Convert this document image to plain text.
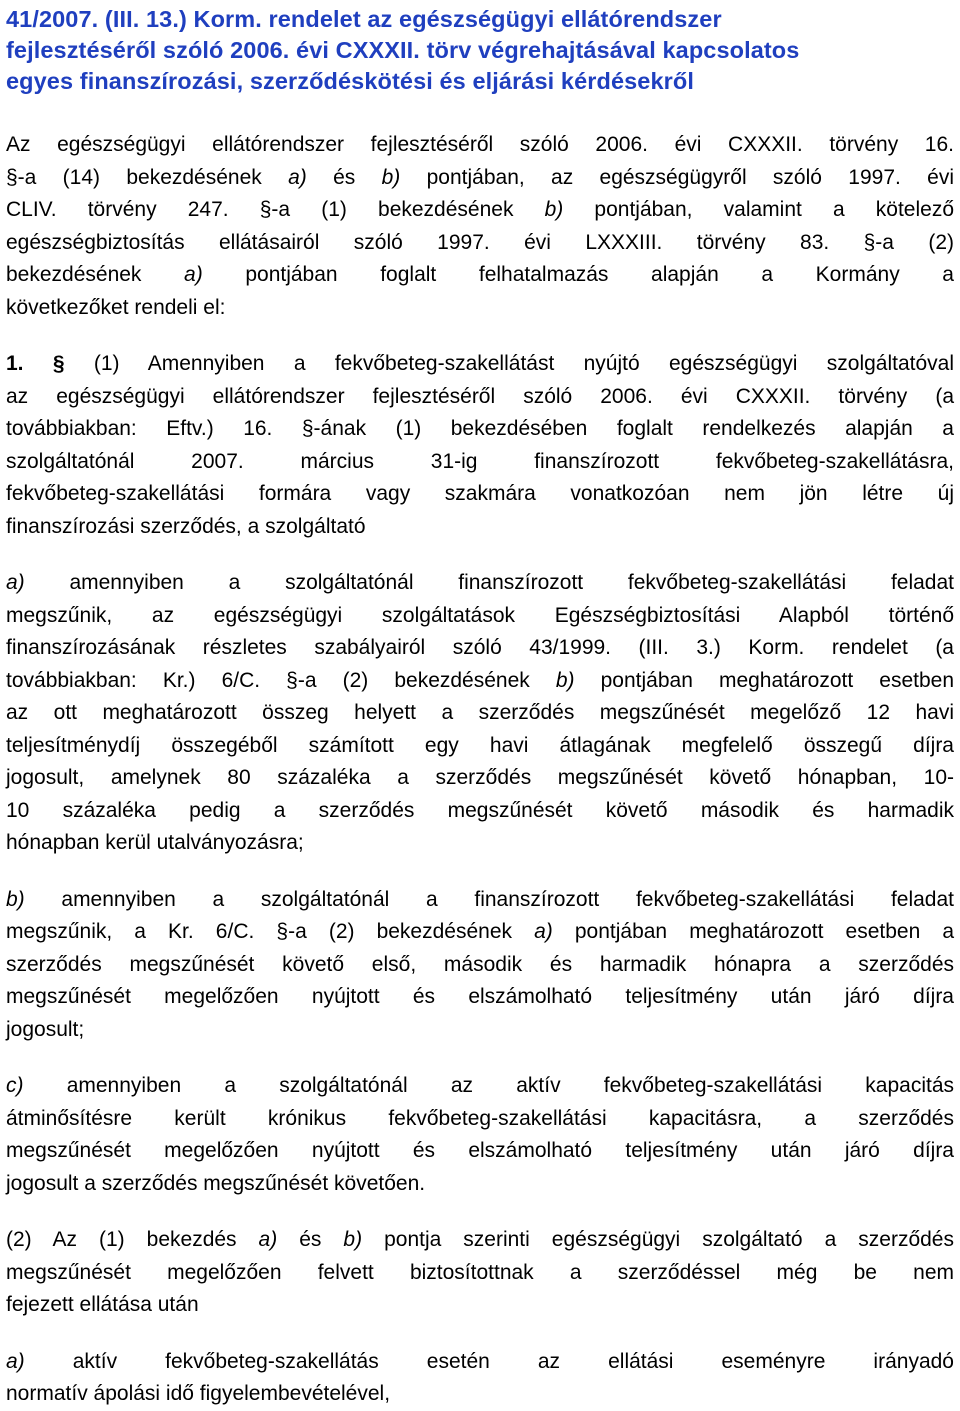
41/2007. (III. 13.) Korm. rendelet az egészségügyi ellátórendszer
fejlesztéséről szóló 2006. évi CXXXII. törv végrehajtásával kapcsolatos
egyes finanszírozási, szerződéskötési és eljárási kérdésekről

Az egészségügyi ellátórendszer fejlesztéséről szóló 2006. évi CXXXII. törvény 16.
§-a (14) bekezdésének a) és b) pontjában, az egészségügyről szóló 1997. évi
CLIV. törvény 247. §-a (1) bekezdésének b) pontjában, valamint a kötelező
egészségbiztosítás ellátásairól szóló 1997. évi LXXXIII. törvény 83. §-a (2)
bekezdésének a) pontjában foglalt felhatalmazás alapján a Kormány a
következőket rendeli el:

1. § (1) Amennyiben a fekvőbeteg-szakellátást nyújtó egészségügyi szolgáltatóval
az egészségügyi ellátórendszer fejlesztéséről szóló 2006. évi CXXXII. törvény (a
továbbiakban: Eftv.) 16. §-ának (1) bekezdésében foglalt rendelkezés alapján a
szolgáltatónál 2007. március 31-ig finanszírozott fekvőbeteg-szakellátásra,
fekvőbeteg-szakellátási formára vagy szakmára vonatkozóan nem jön létre új
finanszírozási szerződés, a szolgáltató

a) amennyiben a szolgáltatónál finanszírozott fekvőbeteg-szakellátási feladat
megszűnik, az egészségügyi szolgáltatások Egészségbiztosítási Alapból történő
finanszírozásának részletes szabályairól szóló 43/1999. (III. 3.) Korm. rendelet (a
továbbiakban: Kr.) 6/C. §-a (2) bekezdésének b) pontjában meghatározott esetben
az ott meghatározott összeg helyett a szerződés megszűnését megelőző 12 havi
teljesítménydíj összegéből számított egy havi átlagának megfelelő összegű díjra
jogosult, amelynek 80 százaléka a szerződés megszűnését követő hónapban, 10-
10 százaléka pedig a szerződés megszűnését követő második és harmadik
hónapban kerül utalványozásra;

b) amennyiben a szolgáltatónál a finanszírozott fekvőbeteg-szakellátási feladat
megszűnik, a Kr. 6/C. §-a (2) bekezdésének a) pontjában meghatározott esetben a
szerződés megszűnését követő első, második és harmadik hónapra a szerződés
megszűnését megelőzően nyújtott és elszámolható teljesítmény után járó díjra
jogosult;

c) amennyiben a szolgáltatónál az aktív fekvőbeteg-szakellátási kapacitás
átminősítésre került krónikus fekvőbeteg-szakellátási kapacitásra, a szerződés
megszűnését megelőzően nyújtott és elszámolható teljesítmény után járó díjra
jogosult a szerződés megszűnését követően.

(2) Az (1) bekezdés a) és b) pontja szerinti egészségügyi szolgáltató a szerződés
megszűnését megelőzően felvett biztosítottnak a szerződéssel még be nem
fejezett ellátása után

a) aktív fekvőbeteg-szakellátás esetén az ellátási eseményre irányadó
normatív ápolási idő figyelembevételével,
